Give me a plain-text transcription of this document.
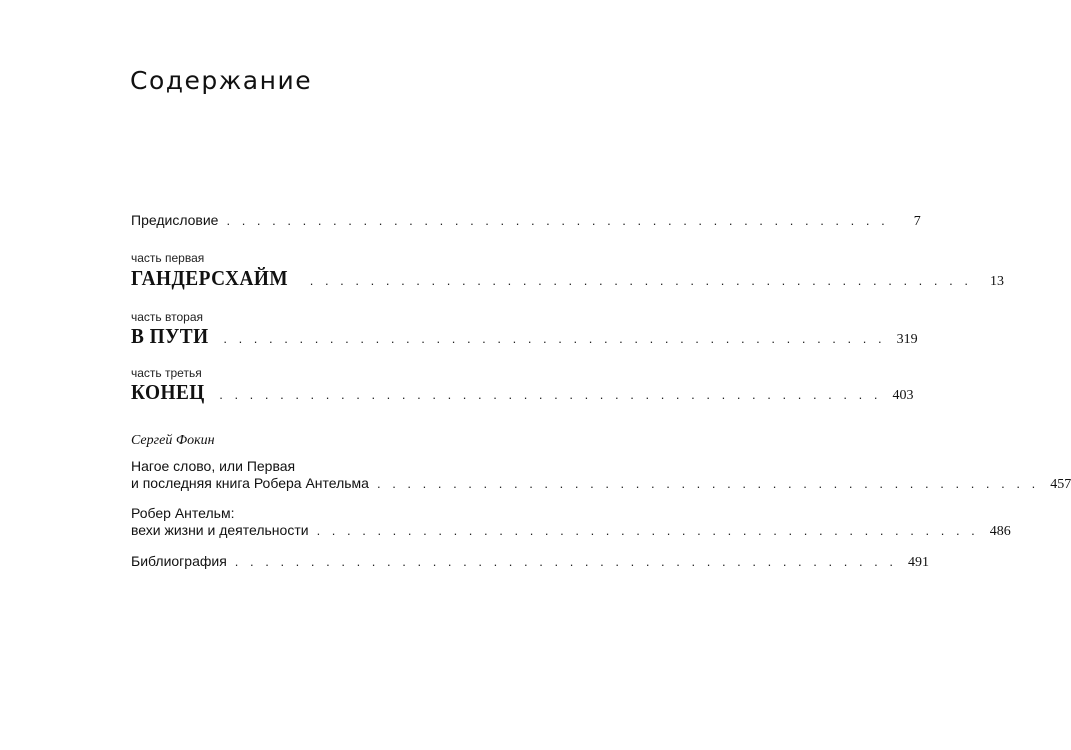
Содержание
Предисловие . . . . . . . . . . . . . . . . . . . . . . . . . . . . . . . . . . . . . . . . . . . .	7
часть первая
ГАНДЕРСХАЙМ . . . . . . . . . . . . . . . . . . . . . . . . . . . . . . . . . . . . . . . . . . . .	13
часть вторая
В ПУТИ . . . . . . . . . . . . . . . . . . . . . . . . . . . . . . . . . . . . . . . . . . . . 319
часть третья
КОНЕЦ . . . . . . . . . . . . . . . . . . . . . . . . . . . . . . . . . . . . . . . . . . . . 403
Сергей Фокин
Нагое слово, или Первая
и последняя книга Робера Антельма . . . . . . . . . . . . . . . . . . . . . . . . . . . . . . . . . . . . . . . . . . . . 457
Робер Антельм:
вехи жизни и деятельности . . . . . . . . . . . . . . . . . . . . . . . . . . . . . . . . . . . . . . . . . . . . 486
Библиография . . . . . . . . . . . . . . . . . . . . . . . . . . . . . . . . . . . . . . . . . . . . 491
